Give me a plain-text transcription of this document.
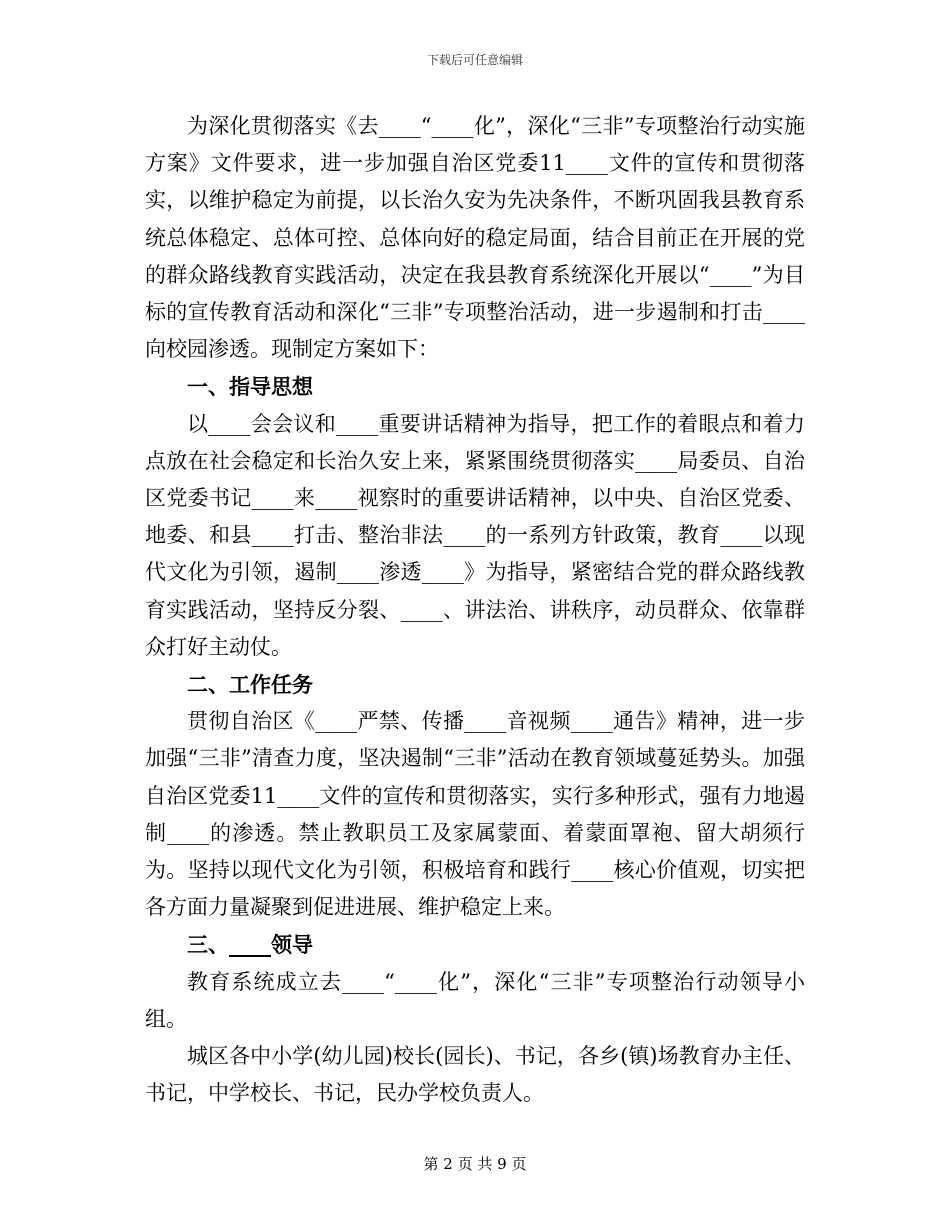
下载后可任意编辑

为深化贯彻落实《去____“____化”，深化“三非”专项整治行动实施方案》文件要求，进一步加强自治区党委11____文件的宣传和贯彻落实，以维护稳定为前提，以长治久安为先决条件，不断巩固我县教育系统总体稳定、总体可控、总体向好的稳定局面，结合目前正在开展的党的群众路线教育实践活动，决定在我县教育系统深化开展以“____”为目标的宣传教育活动和深化“三非”专项整治活动，进一步遏制和打击____向校园渗透。现制定方案如下：

一、指导思想

以____会会议和____重要讲话精神为指导，把工作的着眼点和着力点放在社会稳定和长治久安上来，紧紧围绕贯彻落实____局委员、自治区党委书记____来____视察时的重要讲话精神，以中央、自治区党委、地委、和县____打击、整治非法____的一系列方针政策，教育____以现代文化为引领，遏制____渗透____》为指导，紧密结合党的群众路线教育实践活动，坚持反分裂、____、讲法治、讲秩序，动员群众、依靠群众打好主动仗。

二、工作任务

贯彻自治区《____严禁、传播____音视频____通告》精神，进一步加强“三非”清查力度，坚决遏制“三非”活动在教育领域蔓延势头。加强自治区党委11____文件的宣传和贯彻落实，实行多种形式，强有力地遏制____的渗透。禁止教职员工及家属蒙面、着蒙面罩袍、留大胡须行为。坚持以现代文化为引领，积极培育和践行____核心价值观，切实把各方面力量凝聚到促进进展、维护稳定上来。

三、____领导

教育系统成立去____“____化”，深化“三非”专项整治行动领导小组。

城区各中小学(幼儿园)校长(园长)、书记，各乡(镇)场教育办主任、书记，中学校长、书记，民办学校负责人。

第 2 页 共 9 页
